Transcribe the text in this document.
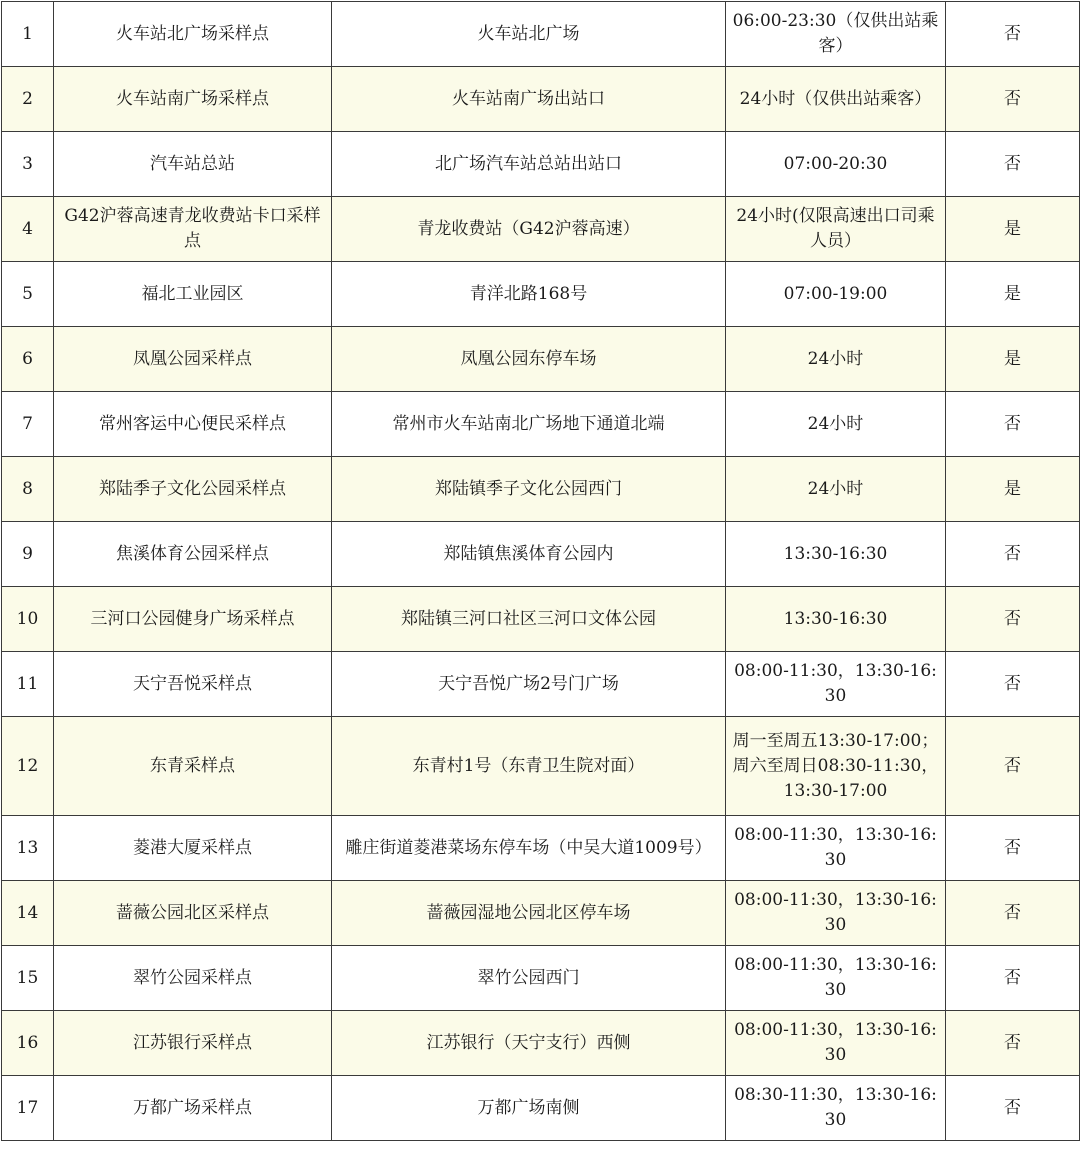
1	火车站北广场采样点	火车站北广场	06:00-23:30（仅供出站乘客）	否
2	火车站南广场采样点	火车站南广场出站口	24小时（仅供出站乘客）	否
3	汽车站总站	北广场汽车站总站出站口	07:00-20:30	否
4	G42沪蓉高速青龙收费站卡口采样点	青龙收费站（G42沪蓉高速）	24小时(仅限高速出口司乘人员）	是
5	福北工业园区	青洋北路168号	07:00-19:00	是
6	凤凰公园采样点	凤凰公园东停车场	24小时	是
7	常州客运中心便民采样点	常州市火车站南北广场地下通道北端	24小时	否
8	郑陆季子文化公园采样点	郑陆镇季子文化公园西门	24小时	是
9	焦溪体育公园采样点	郑陆镇焦溪体育公园内	13:30-16:30	否
10	三河口公园健身广场采样点	郑陆镇三河口社区三河口文体公园	13:30-16:30	否
11	天宁吾悦采样点	天宁吾悦广场2号门广场	08:00-11:30，13:30-16:30	否
12	东青采样点	东青村1号（东青卫生院对面）	周一至周五13:30-17:00；
周六至周日08:30-11:30，13:30-17:00	否
13	菱港大厦采样点	雕庄街道菱港菜场东停车场（中吴大道1009号）	08:00-11:30，13:30-16:30	否
14	蔷薇公园北区采样点	蔷薇园湿地公园北区停车场	08:00-11:30，13:30-16:30	否
15	翠竹公园采样点	翠竹公园西门	08:00-11:30，13:30-16:30	否
16	江苏银行采样点	江苏银行（天宁支行）西侧	08:00-11:30，13:30-16:30	否
17	万都广场采样点	万都广场南侧	08:30-11:30，13:30-16:30	否
